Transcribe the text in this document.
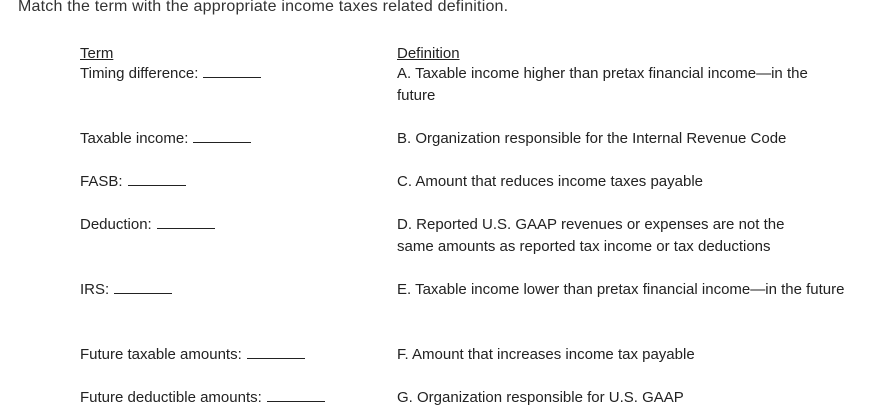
Match the term with the appropriate income taxes related definition.
Term	Definition
Timing difference:
Taxable income:
FASB:
Deduction:
IRS:
Future taxable amounts:
Future deductible amounts:
A. Taxable income higher than pretax financial income—in the future
B. Organization responsible for the Internal Revenue Code
C. Amount that reduces income taxes payable
D. Reported U.S. GAAP revenues or expenses are not the same amounts as reported tax income or tax deductions
E. Taxable income lower than pretax financial income—in the future
F. Amount that increases income tax payable
G. Organization responsible for U.S. GAAP
